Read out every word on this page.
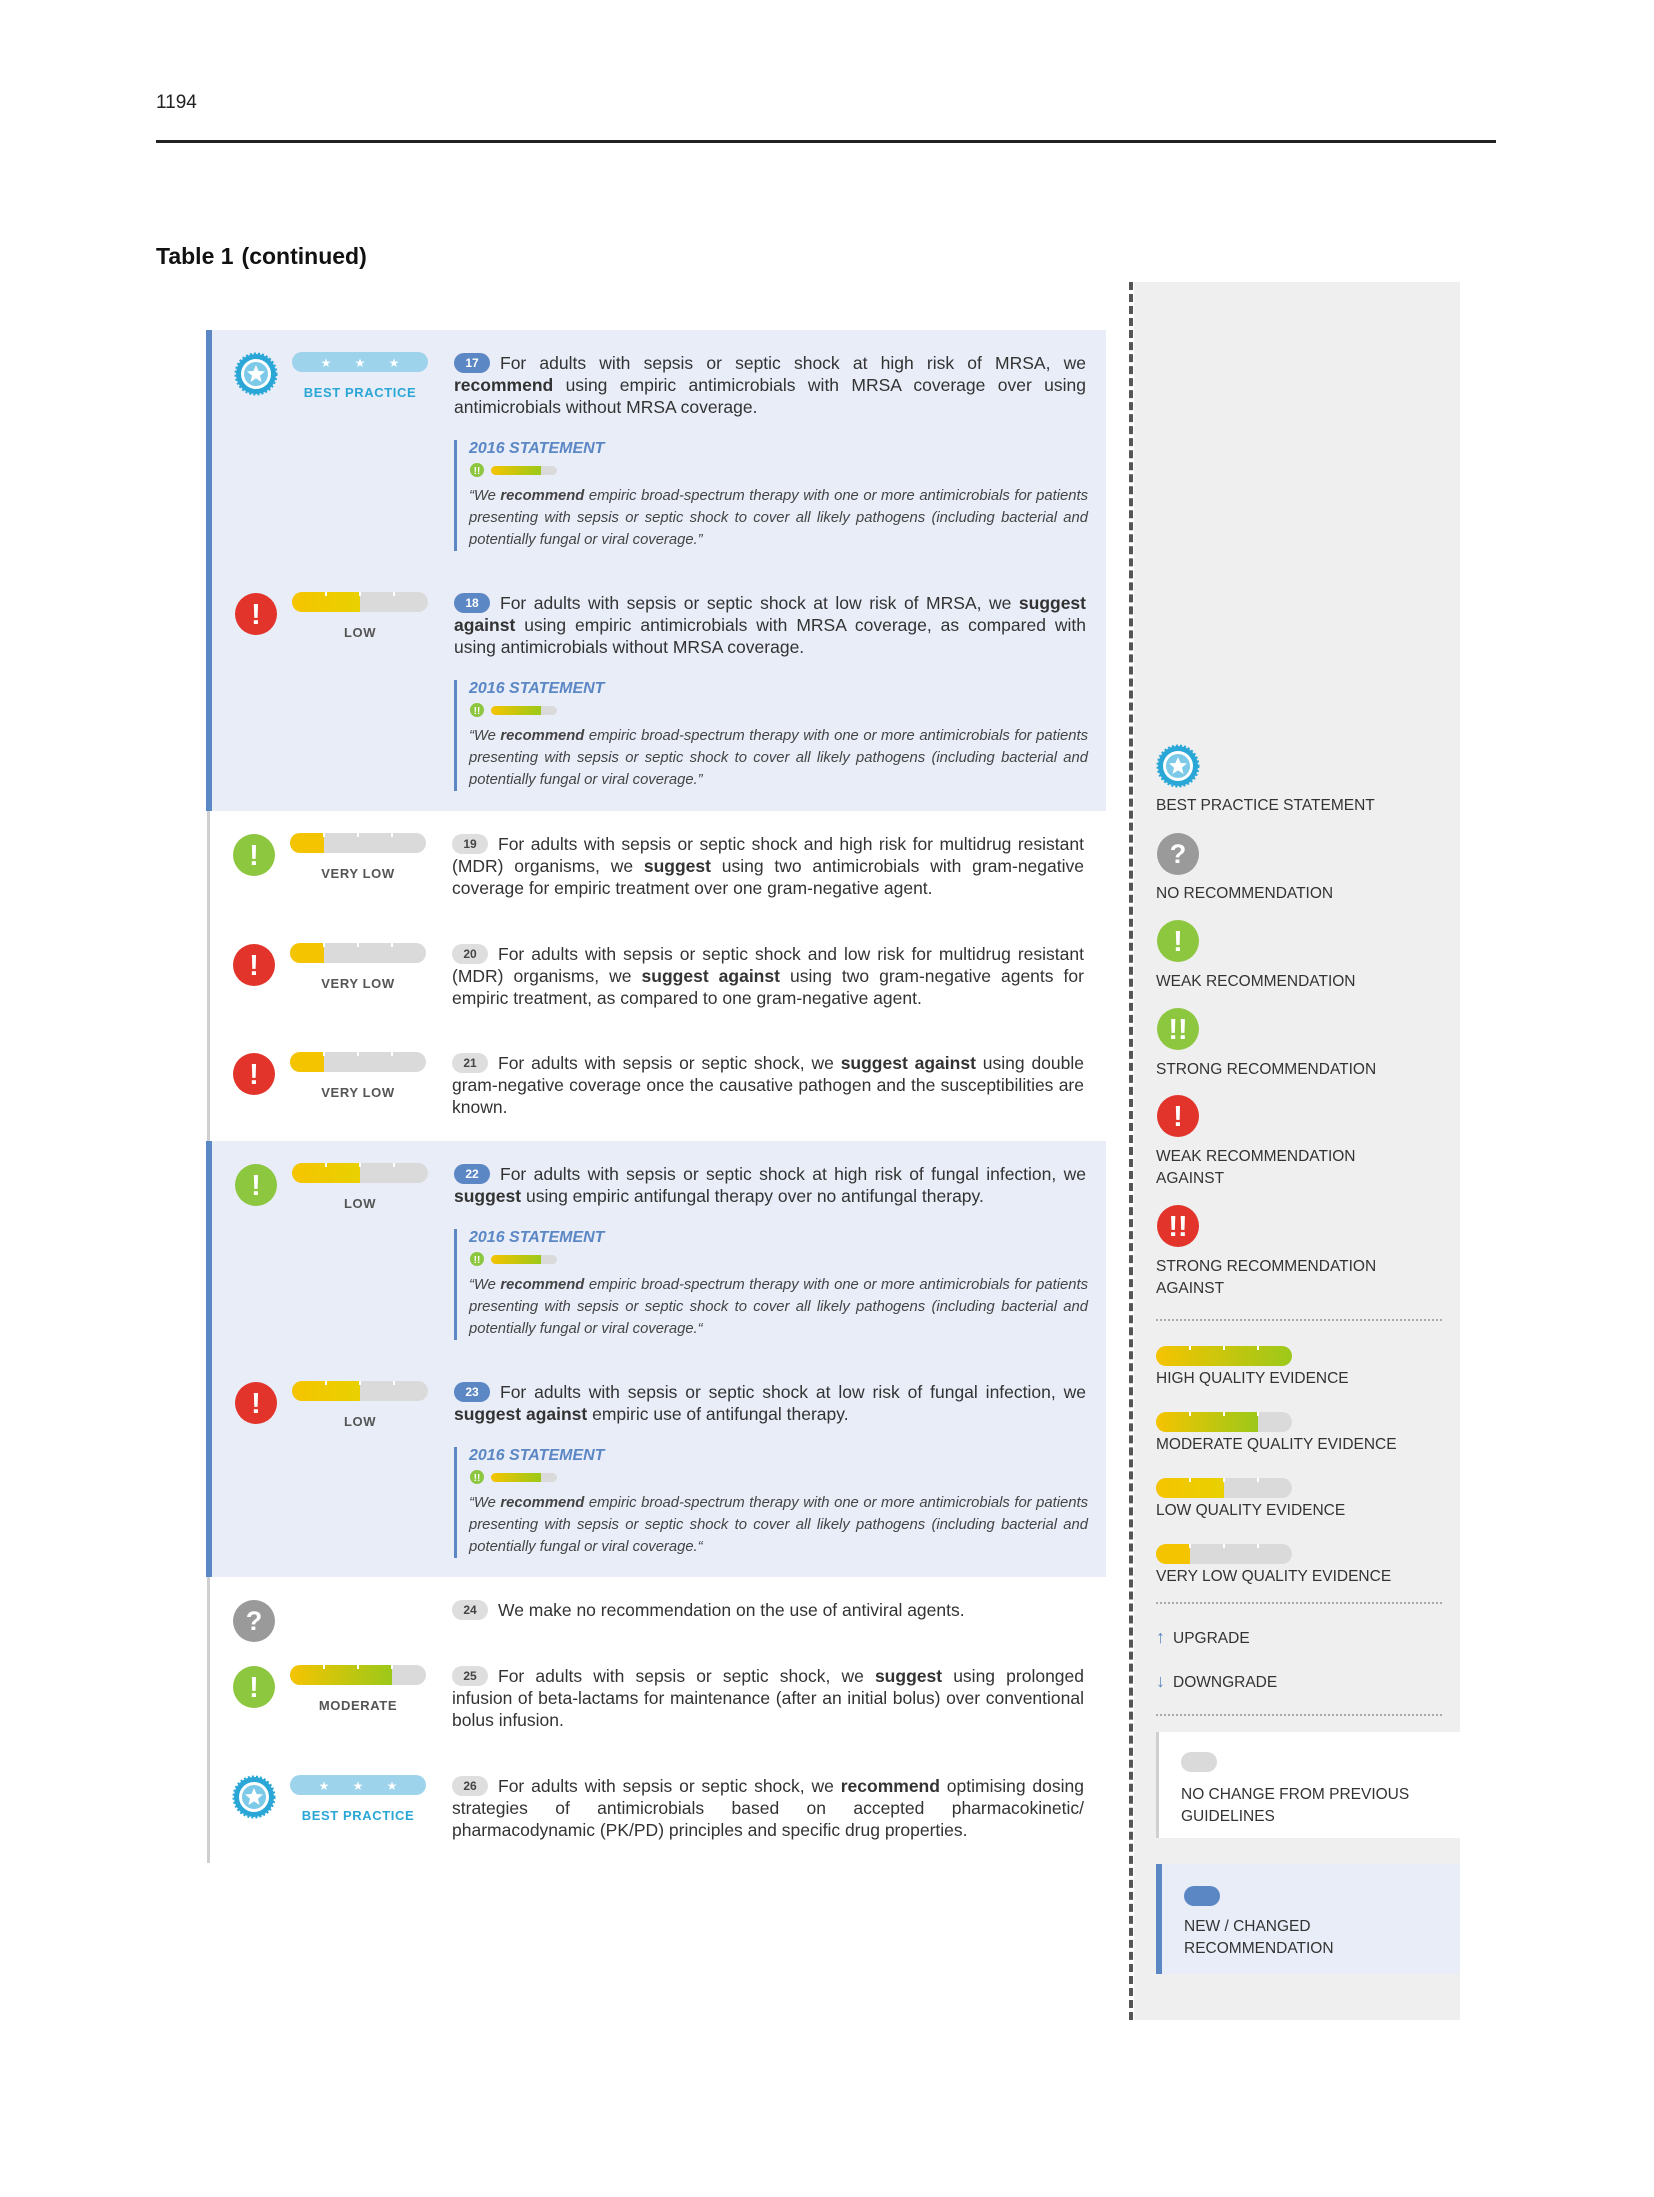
1194
Table 1 (continued)
BEST PRACTICE
17 For adults with sepsis or septic shock at high risk of MRSA, we recommend using empiric antimicrobials with MRSA coverage over using antimicrobials without MRSA coverage.
2016 STATEMENT
“We recommend empiric broad-spectrum therapy with one or more antimicrobials for patients presenting with sepsis or septic shock to cover all likely pathogens (including bacterial and potentially fungal or viral coverage.”
LOW
18 For adults with sepsis or septic shock at low risk of MRSA, we suggest against using empiric antimicrobials with MRSA coverage, as compared with using antimicrobials without MRSA coverage.
2016 STATEMENT
“We recommend empiric broad-spectrum therapy with one or more antimicrobials for patients presenting with sepsis or septic shock to cover all likely pathogens (including bacterial and potentially fungal or viral coverage.”
VERY LOW
19 For adults with sepsis or septic shock and high risk for multidrug resistant (MDR) organisms, we suggest using two antimicrobials with gram-negative coverage for empiric treatment over one gram-negative agent.
VERY LOW
20 For adults with sepsis or septic shock and low risk for multidrug resistant (MDR) organisms, we suggest against using two gram-negative agents for empiric treatment, as compared to one gram-negative agent.
VERY LOW
21 For adults with sepsis or septic shock, we suggest against using double gram-negative coverage once the causative pathogen and the susceptibilities are known.
LOW
22 For adults with sepsis or septic shock at high risk of fungal infection, we suggest using empiric antifungal therapy over no antifungal therapy.
2016 STATEMENT
“We recommend empiric broad-spectrum therapy with one or more antimicrobials for patients presenting with sepsis or septic shock to cover all likely pathogens (including bacterial and potentially fungal or viral coverage.“
LOW
23 For adults with sepsis or septic shock at low risk of fungal infection, we suggest against empiric use of antifungal therapy.
2016 STATEMENT
“We recommend empiric broad-spectrum therapy with one or more antimicrobials for patients presenting with sepsis or septic shock to cover all likely pathogens (including bacterial and potentially fungal or viral coverage.“
24 We make no recommendation on the use of antiviral agents.
MODERATE
25 For adults with sepsis or septic shock, we suggest using prolonged infusion of beta-lactams for maintenance (after an initial bolus) over conventional bolus infusion.
BEST PRACTICE
26 For adults with sepsis or septic shock, we recommend optimising dosing strategies of antimicrobials based on accepted pharmacokinetic/ pharmacodynamic (PK/PD) principles and specific drug properties.
BEST PRACTICE STATEMENT
NO RECOMMENDATION
WEAK RECOMMENDATION
STRONG RECOMMENDATION
WEAK RECOMMENDATION AGAINST
STRONG RECOMMENDATION AGAINST
HIGH QUALITY EVIDENCE
MODERATE QUALITY EVIDENCE
LOW QUALITY EVIDENCE
VERY LOW QUALITY EVIDENCE
↑ UPGRADE
↓ DOWNGRADE
NO CHANGE FROM PREVIOUS GUIDELINES
NEW / CHANGED RECOMMENDATION
